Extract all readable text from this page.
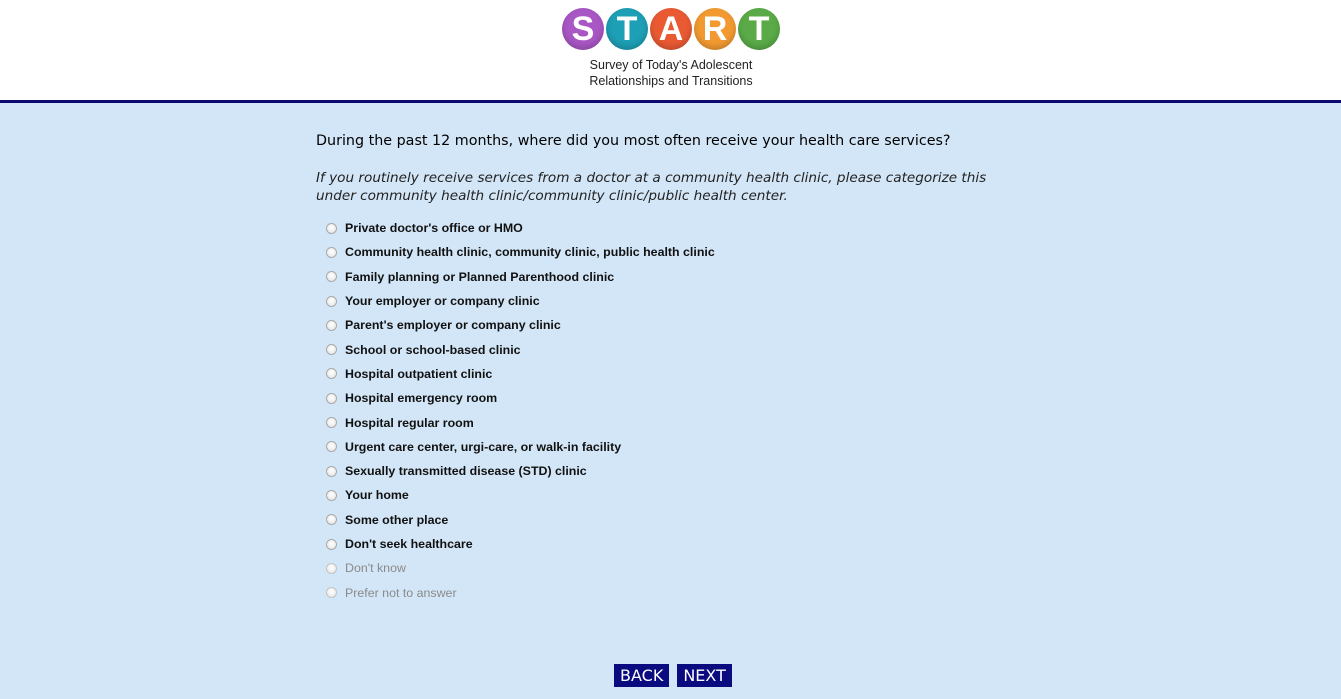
S T A R T
Survey of Today's Adolescent
Relationships and Transitions

During the past 12 months, where did you most often receive your health care services?

If you routinely receive services from a doctor at a community health clinic, please categorize this under community health clinic/community clinic/public health center.

Private doctor's office or HMO
Community health clinic, community clinic, public health clinic
Family planning or Planned Parenthood clinic
Your employer or company clinic
Parent's employer or company clinic
School or school-based clinic
Hospital outpatient clinic
Hospital emergency room
Hospital regular room
Urgent care center, urgi-care, or walk-in facility
Sexually transmitted disease (STD) clinic
Your home
Some other place
Don't seek healthcare
Don't know
Prefer not to answer
BACK	NEXT
